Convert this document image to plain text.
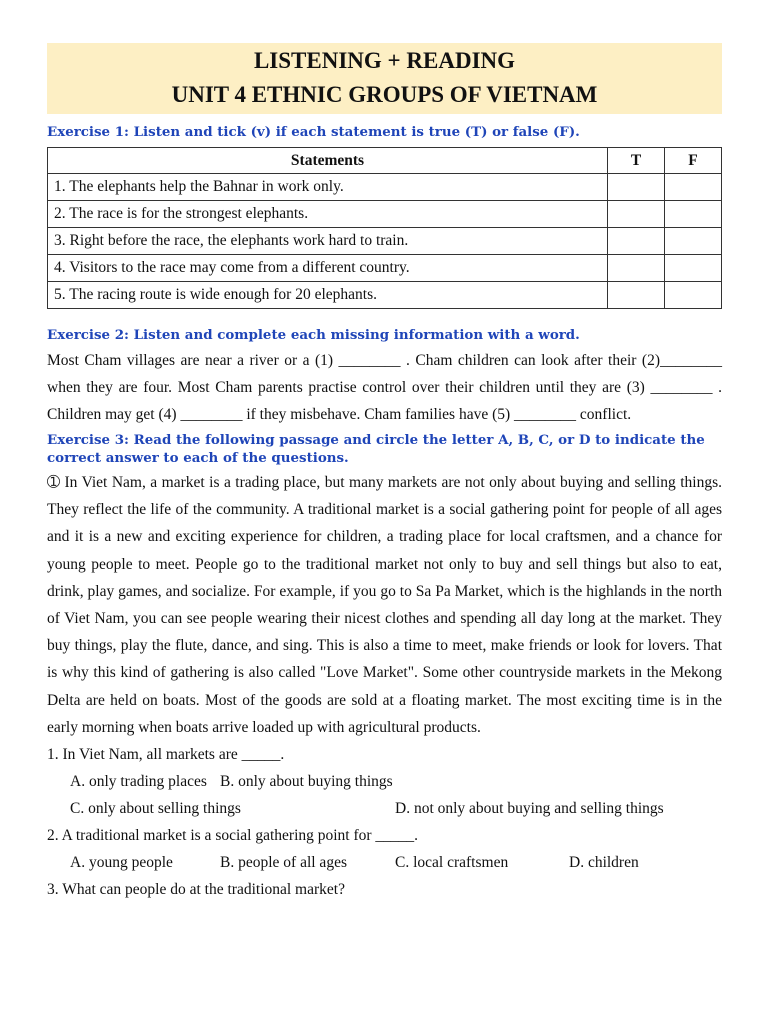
LISTENING + READING
UNIT 4 ETHNIC GROUPS OF VIETNAM
Exercise 1: Listen and tick (v) if each statement is true (T) or false (F).
Statements	T	F
1. The elephants help the Bahnar in work only.		
2. The race is for the strongest elephants.		
3. Right before the race, the elephants work hard to train.		
4. Visitors to the race may come from a different country.		
5. The racing route is wide enough for 20 elephants.		
Exercise 2: Listen and complete each missing information with a word.
Most Cham villages are near a river or a (1) ________ . Cham children can look after their (2)________ when they are four. Most Cham parents practise control over their children until they are (3) ________ . Children may get (4) ________ if they misbehave. Cham families have (5) ________ conflict.
Exercise 3: Read the following passage and circle the letter A, B, C, or D to indicate the correct answer to each of the questions.
➀ In Viet Nam, a market is a trading place, but many markets are not only about buying and selling things. They reflect the life of the community. A traditional market is a social gathering point for people of all ages and it is a new and exciting experience for children, a trading place for local craftsmen, and a chance for young people to meet. People go to the traditional market not only to buy and sell things but also to eat, drink, play games, and socialize. For example, if you go to Sa Pa Market, which is the highlands in the north of Viet Nam, you can see people wearing their nicest clothes and spending all day long at the market. They buy things, play the flute, dance, and sing. This is also a time to meet, make friends or look for lovers. That is why this kind of gathering is also called "Love Market". Some other countryside markets in the Mekong Delta are held on boats. Most of the goods are sold at a floating market. The most exciting time is in the early morning when boats arrive loaded up with agricultural products.
1. In Viet Nam, all markets are _____.
A. only trading places B. only about buying things
C. only about selling things	D. not only about buying and selling things
2. A traditional market is a social gathering point for _____.
A. young people	B. people of all ages	C. local craftsmen	D. children
3. What can people do at the traditional market?
